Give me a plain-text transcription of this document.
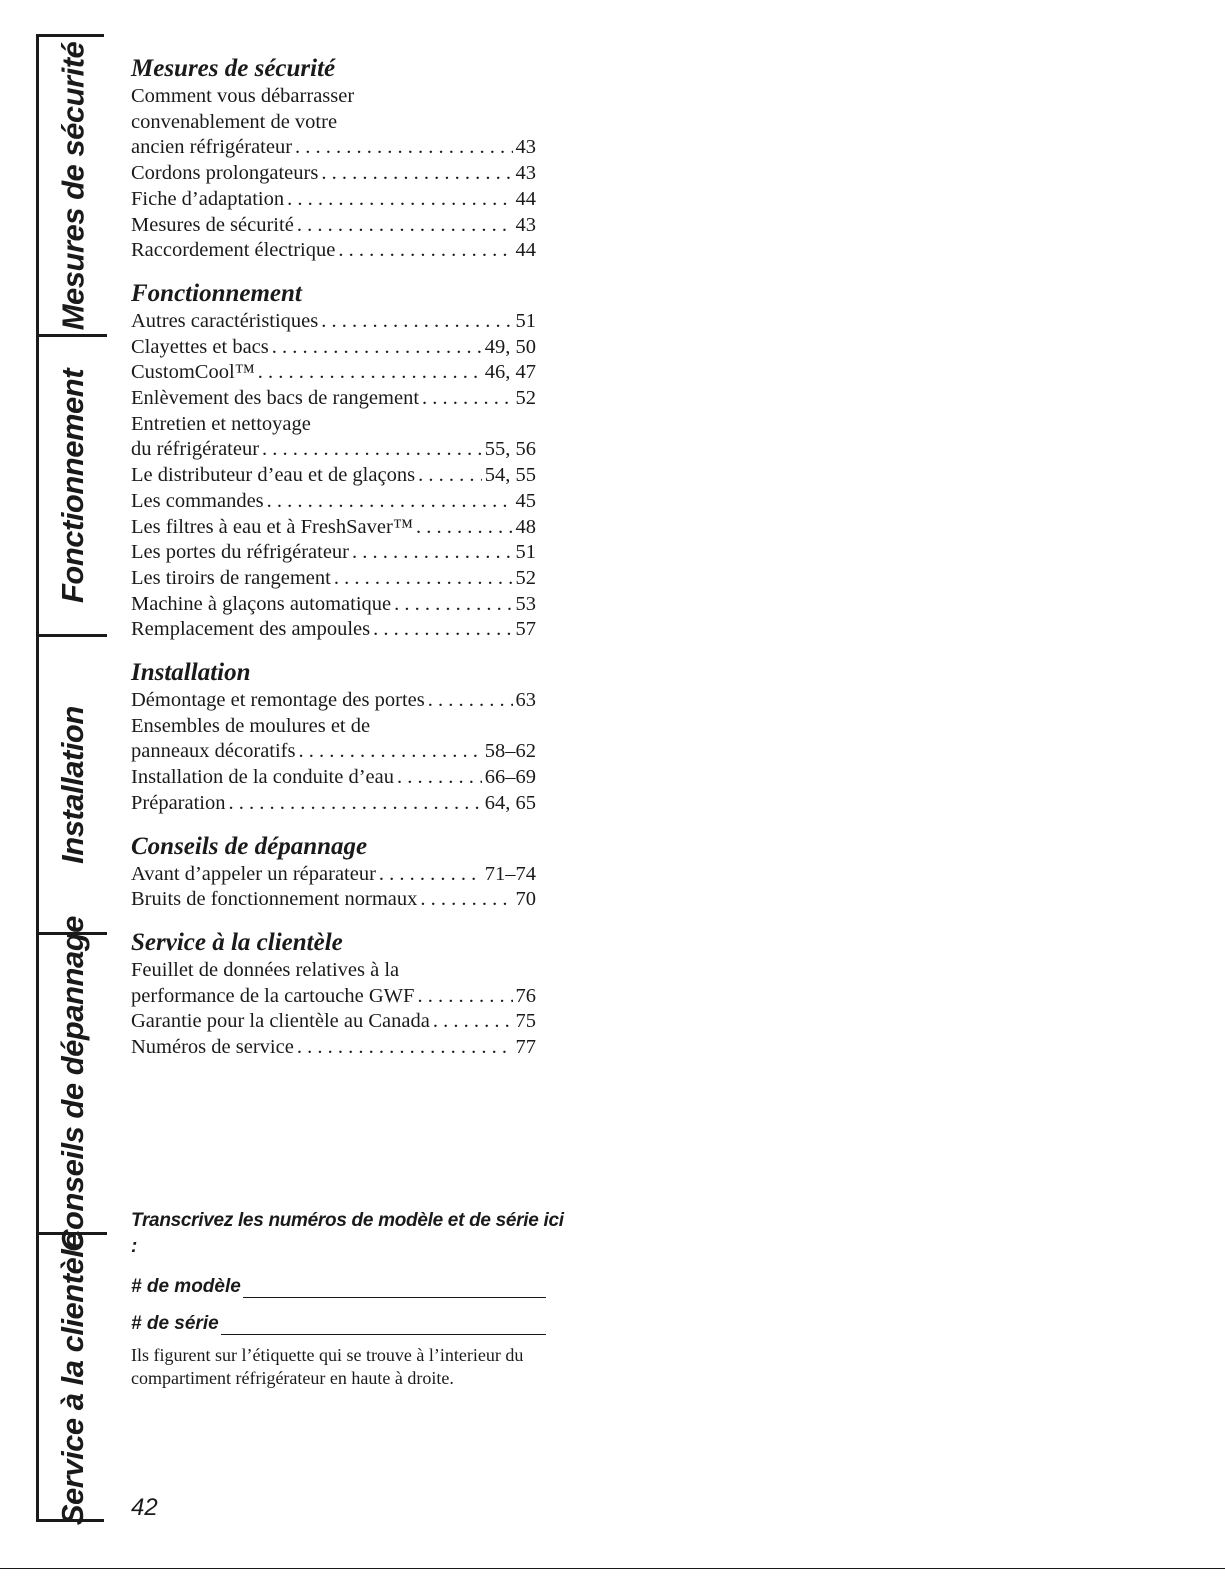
Mesures de sécurité
Fonctionnement
Installation
Conseils de dépannage
Service à la clientèle
Mesures de sécurité
Comment vous débarrasser
convenablement de votre
ancien réfrigérateur . . .	43
Cordons prolongateurs . . .	43
Fiche d’adaptation . . .	44
Mesures de sécurité . . .	43
Raccordement électrique . . .	44
Fonctionnement
Autres caractéristiques . . .	51
Clayettes et bacs . . .	49, 50
CustomCool™ . . .	46, 47
Enlèvement des bacs de rangement . . .	52
Entretien et nettoyage
du réfrigérateur . . .	55, 56
Le distributeur d’eau et de glaçons . . .	54, 55
Les commandes . . .	45
Les filtres à eau et à FreshSaver™ . . .	48
Les portes du réfrigérateur . . .	51
Les tiroirs de rangement . . .	52
Machine à glaçons automatique . . .	53
Remplacement des ampoules . . .	57
Installation
Démontage et remontage des portes . . .	63
Ensembles de moulures et de
panneaux décoratifs . . .	58–62
Installation de la conduite d’eau . . .	66–69
Préparation . . .	64, 65
Conseils de dépannage
Avant d’appeler un réparateur . . .	71–74
Bruits de fonctionnement normaux . . .	70
Service à la clientèle
Feuillet de données relatives à la
performance de la cartouche GWF . . .	76
Garantie pour la clientèle au Canada . . .	75
Numéros de service . . .	77
Transcrivez les numéros de modèle et de série ici :
# de modèle
# de série
Ils figurent sur l’étiquette qui se trouve à l’interieur du compartiment réfrigérateur en haute à droite.
42
